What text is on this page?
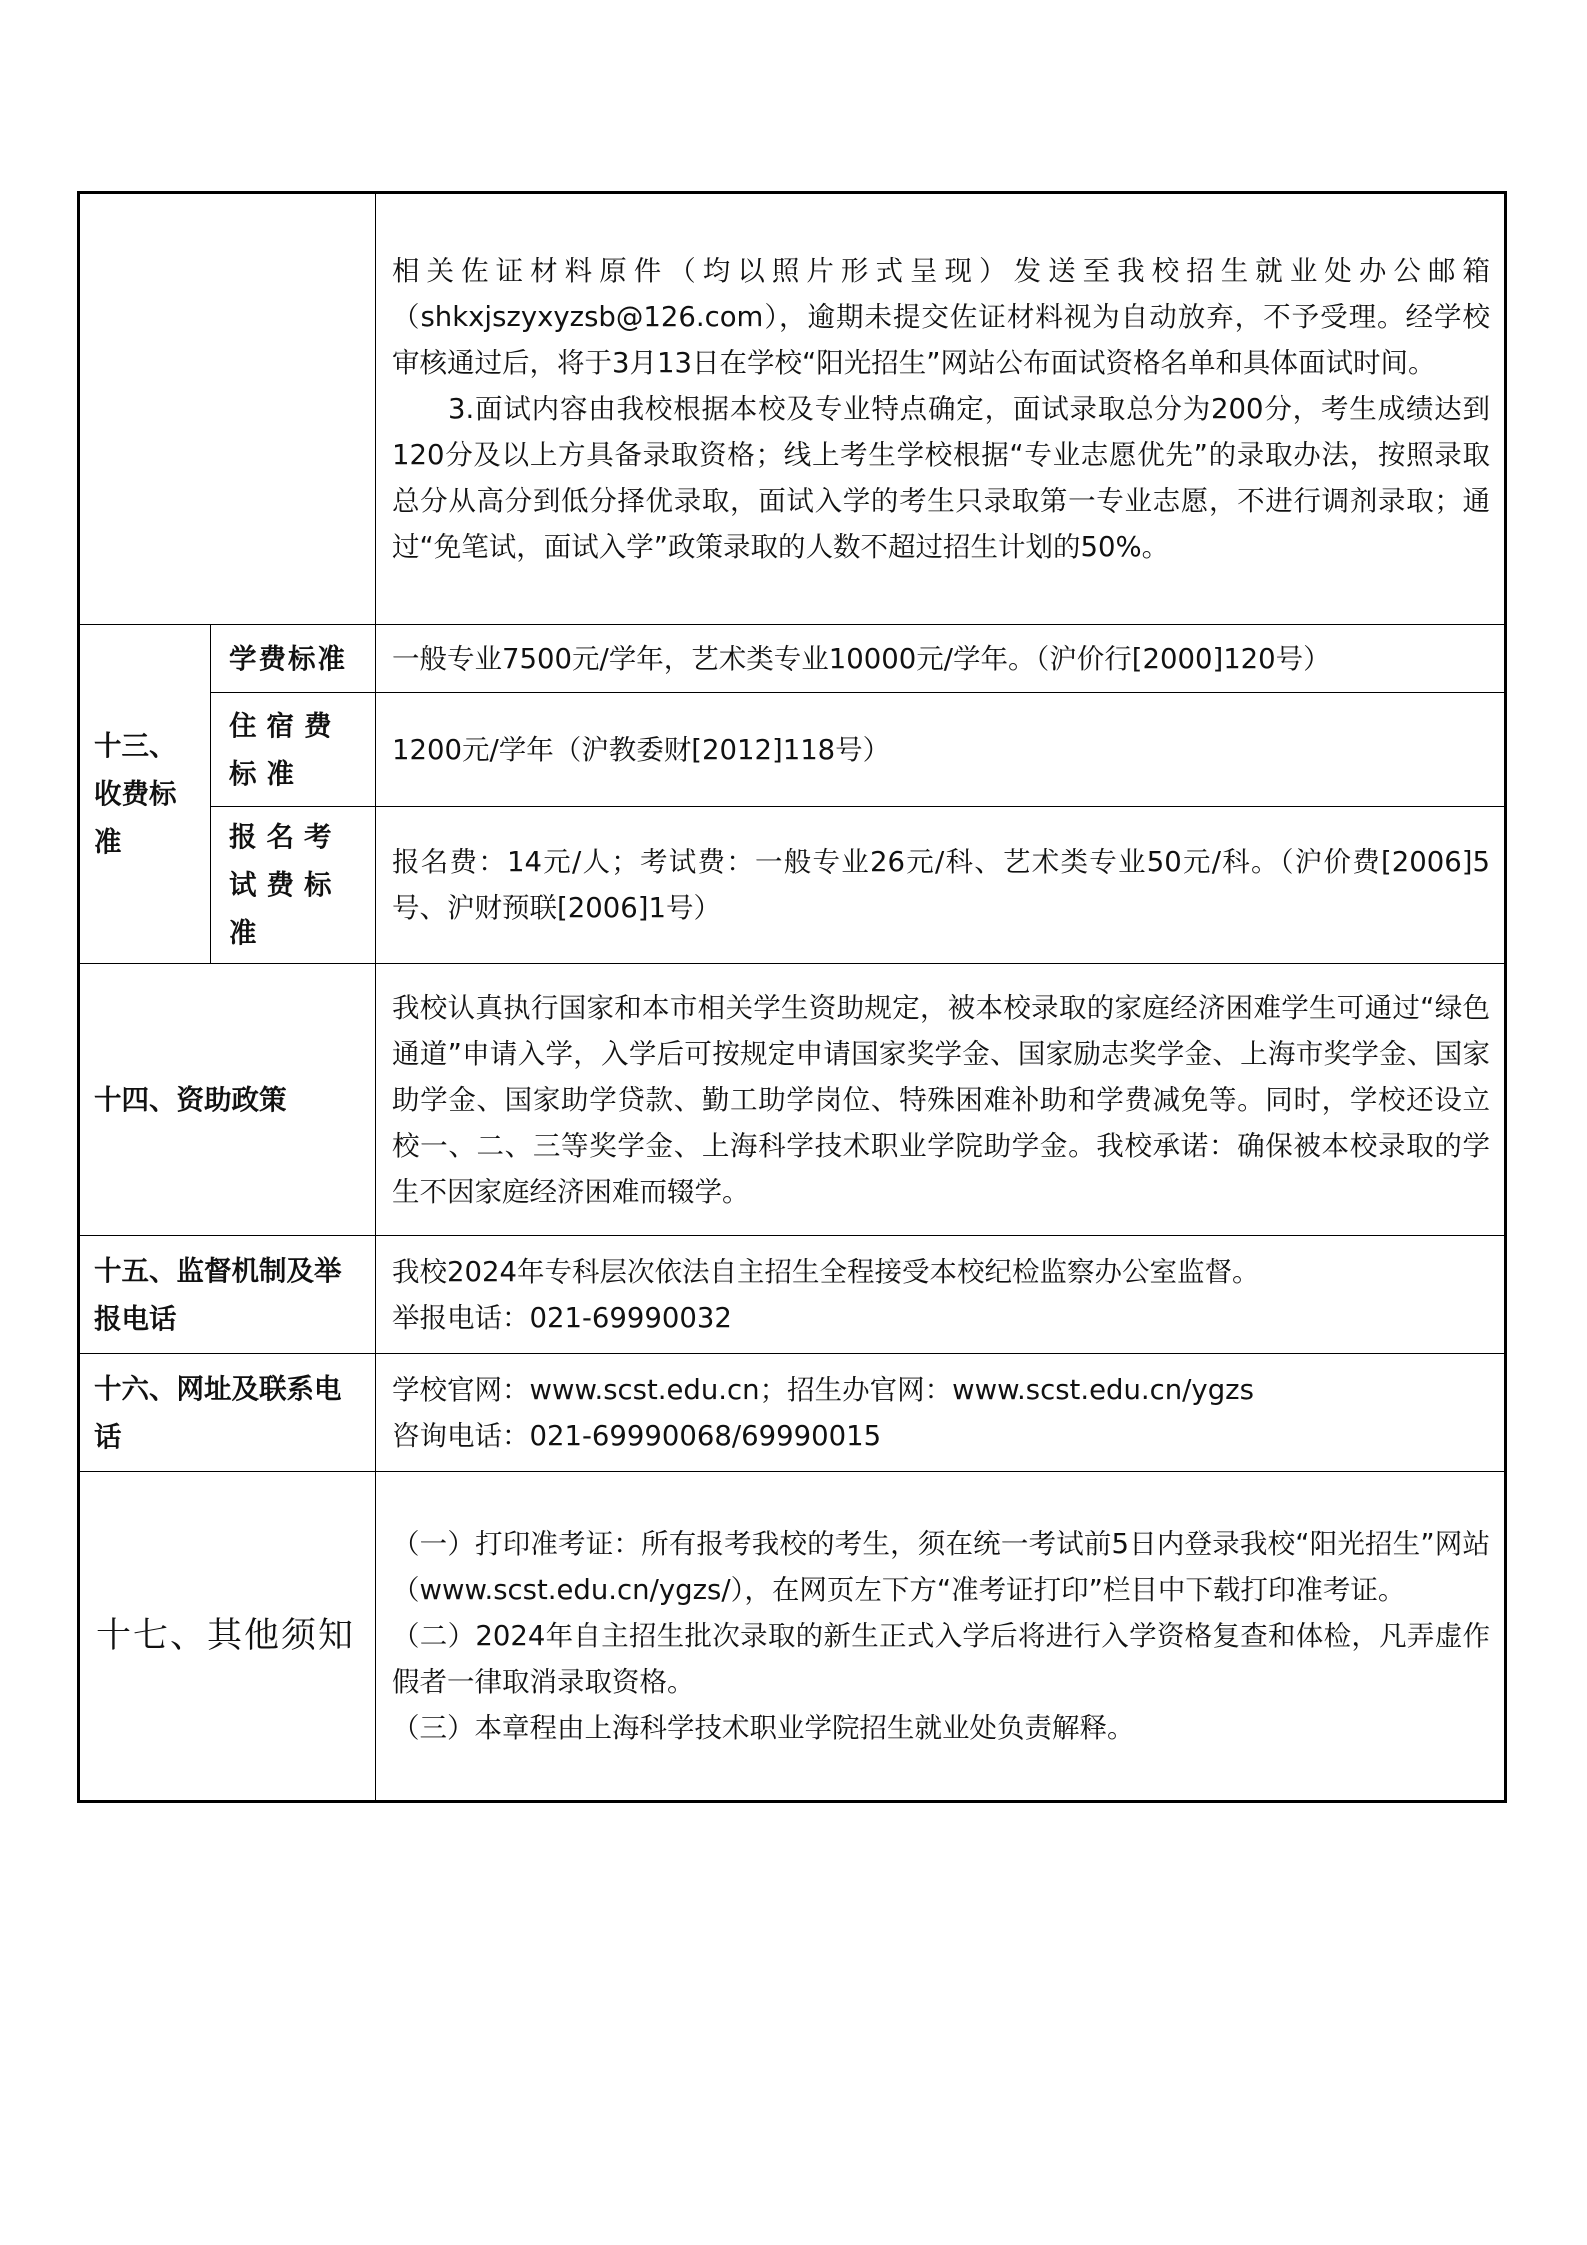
		相关佐证材料原件（均以照片形式呈现）发送至我校招生就业处办公邮箱（shkxjszyxyzsb@126.com），逾期未提交佐证材料视为自动放弃，不予受理。经学校审核通过后，将于3月13日在学校“阳光招生”网站公布面试资格名单和具体面试时间。

3.面试内容由我校根据本校及专业特点确定，面试录取总分为200分，考生成绩达到120分及以上方具备录取资格；线上考生学校根据“专业志愿优先”的录取办法，按照录取总分从高分到低分择优录取，面试入学的考生只录取第一专业志愿，不进行调剂录取；通过“免笔试，面试入学”政策录取的人数不超过招生计划的50%。

十三、收费标准	学费标准	一般专业7500元/学年，艺术类专业10000元/学年。（沪价行[2000]120号）
	住宿费标准	1200元/学年（沪教委财[2012]118号）
	报名考试费标准	报名费：14元/人；考试费：一般专业26元/科、艺术类专业50元/科。（沪价费[2006]5号、沪财预联[2006]1号）
十四、资助政策		我校认真执行国家和本市相关学生资助规定，被本校录取的家庭经济困难学生可通过“绿色通道”申请入学，入学后可按规定申请国家奖学金、国家励志奖学金、上海市奖学金、国家助学金、国家助学贷款、勤工助学岗位、特殊困难补助和学费减免等。同时，学校还设立校一、二、三等奖学金、上海科学技术职业学院助学金。我校承诺：确保被本校录取的学生不因家庭经济困难而辍学。
十五、监督机制及举报电话		我校2024年专科层次依法自主招生全程接受本校纪检监察办公室监督。

举报电话：021-69990032

十六、网址及联系电话		学校官网：www.scst.edu.cn；招生办官网：www.scst.edu.cn/ygzs

咨询电话：021-69990068/69990015

十七、其他须知		（一）打印准考证：所有报考我校的考生，须在统一考试前5日内登录我校“阳光招生”网站（www.scst.edu.cn/ygzs/），在网页左下方“准考证打印”栏目中下载打印准考证。

（二）2024年自主招生批次录取的新生正式入学后将进行入学资格复查和体检，凡弄虚作假者一律取消录取资格。

（三）本章程由上海科学技术职业学院招生就业处负责解释。
